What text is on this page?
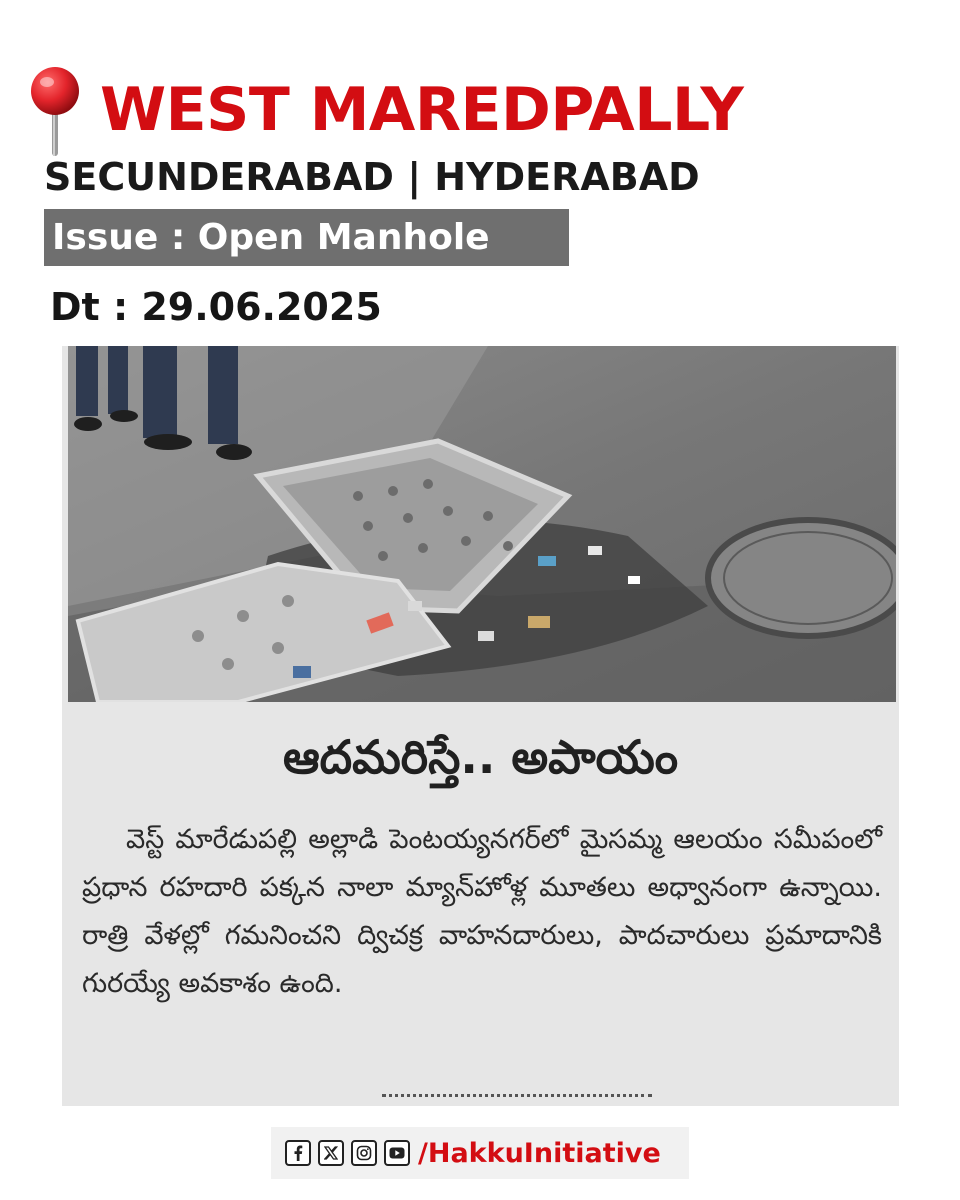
WEST MAREDPALLY
SECUNDERABAD | HYDERABAD
Issue : Open Manhole
Dt : 29.06.2025
ఆదమరిస్తే.. అపాయం

వెస్ట్ మారేడుపల్లి అల్లాడి పెంటయ్యనగర్‌లో మైసమ్మ ఆలయం సమీపంలో ప్రధాన రహదారి పక్కన నాలా మ్యాన్‌హోళ్ల మూతలు అధ్వానంగా ఉన్నాయి. రాత్రి వేళల్లో గమనించని ద్విచక్ర వాహనదారులు, పాదచారులు ప్రమాదానికి గురయ్యే అవకాశం ఉంది.

/HakkuInitiative
